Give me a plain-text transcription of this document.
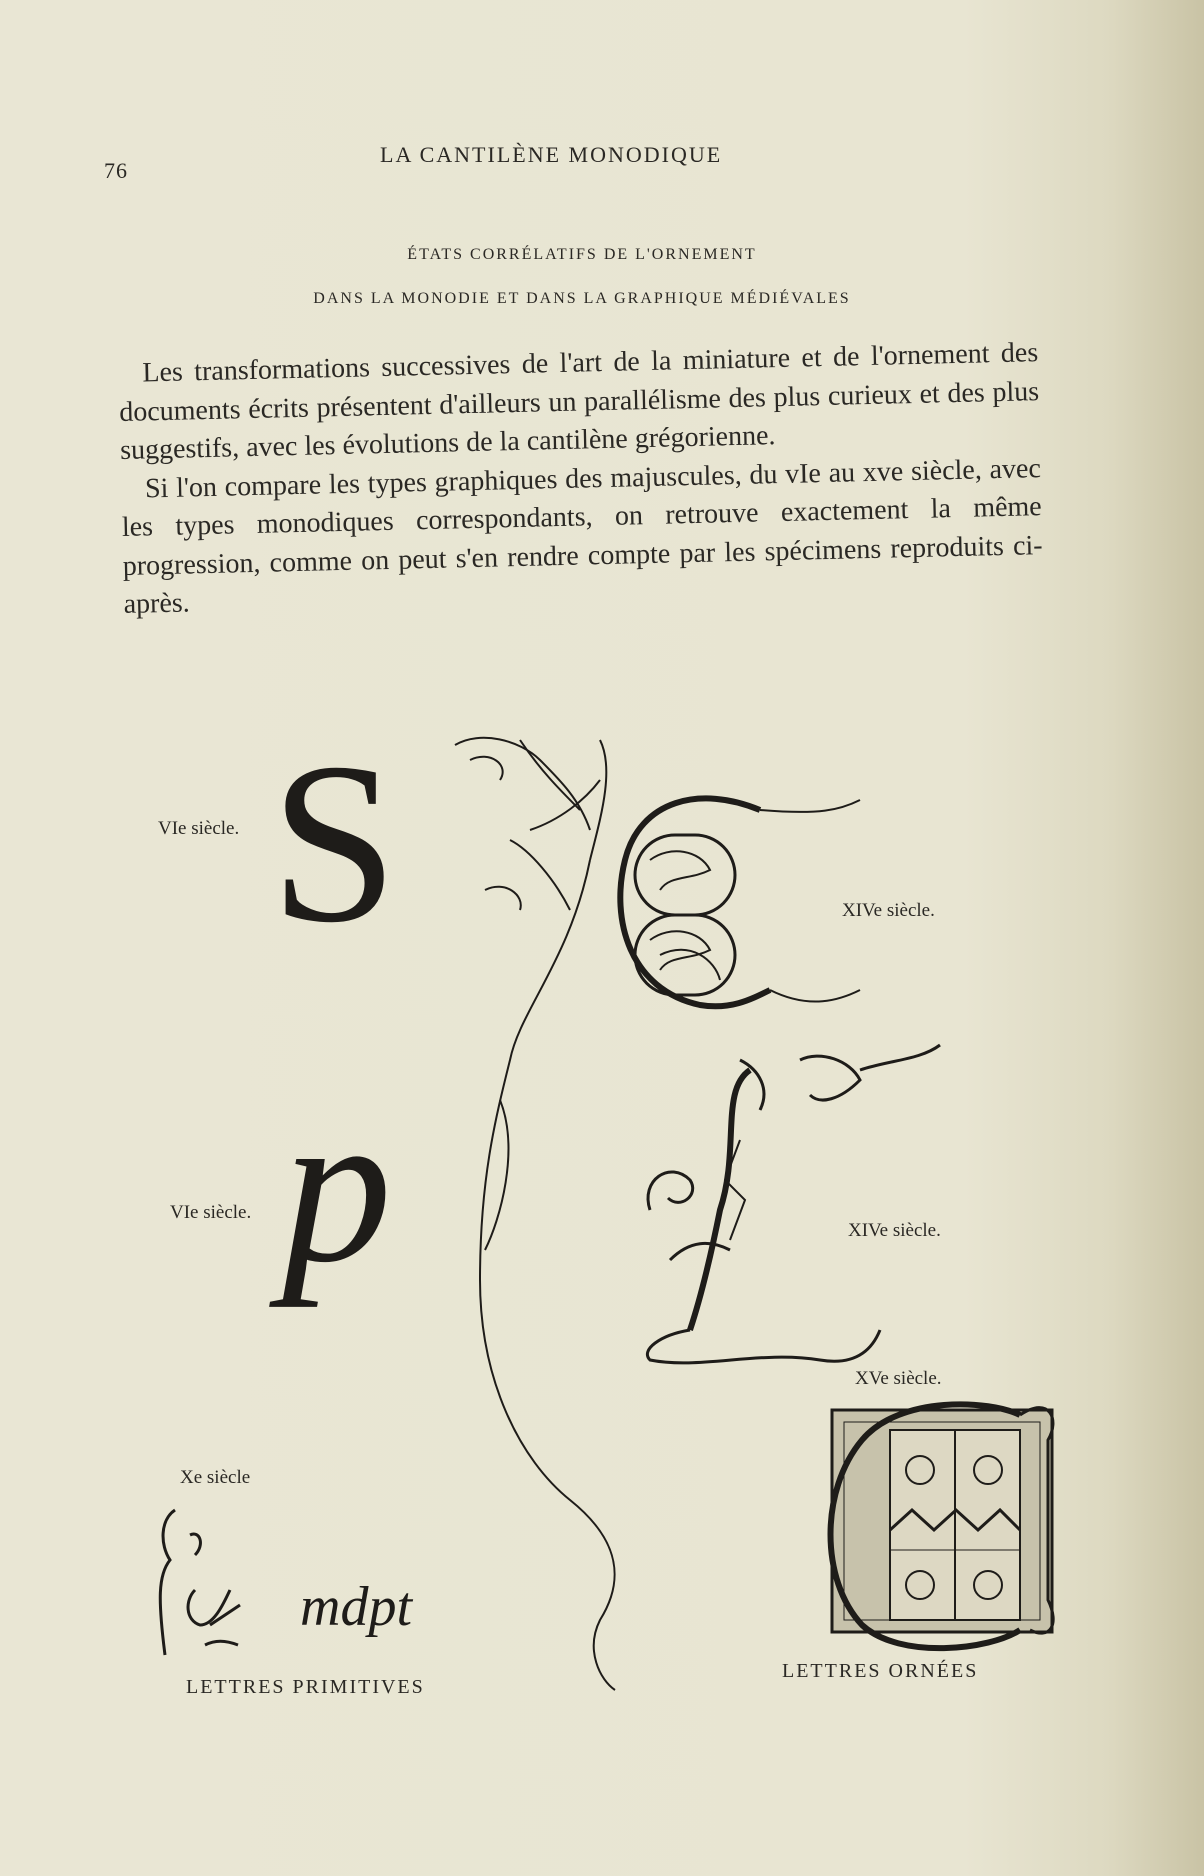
76
LA CANTILÈNE MONODIQUE
ÉTATS CORRÉLATIFS DE L'ORNEMENT
DANS LA MONODIE ET DANS LA GRAPHIQUE MÉDIÉVALES

Les transformations successives de l'art de la miniature et de l'ornement des documents écrits présentent d'ailleurs un parallélisme des plus curieux et des plus suggestifs, avec les évolutions de la cantilène grégorienne.

Si l'on compare les types graphiques des majuscules, du vIe au xve siècle, avec les types monodiques correspondants, on retrouve exactement la même progression, comme on peut s'en rendre compte par les spécimens reproduits ci-après.

S
p
mdpt
VIe siècle.
VIe siècle.
Xe siècle
XIVe siècle.
XIVe siècle.
XVe siècle.
LETTRES PRIMITIVES
LETTRES ORNÉES
